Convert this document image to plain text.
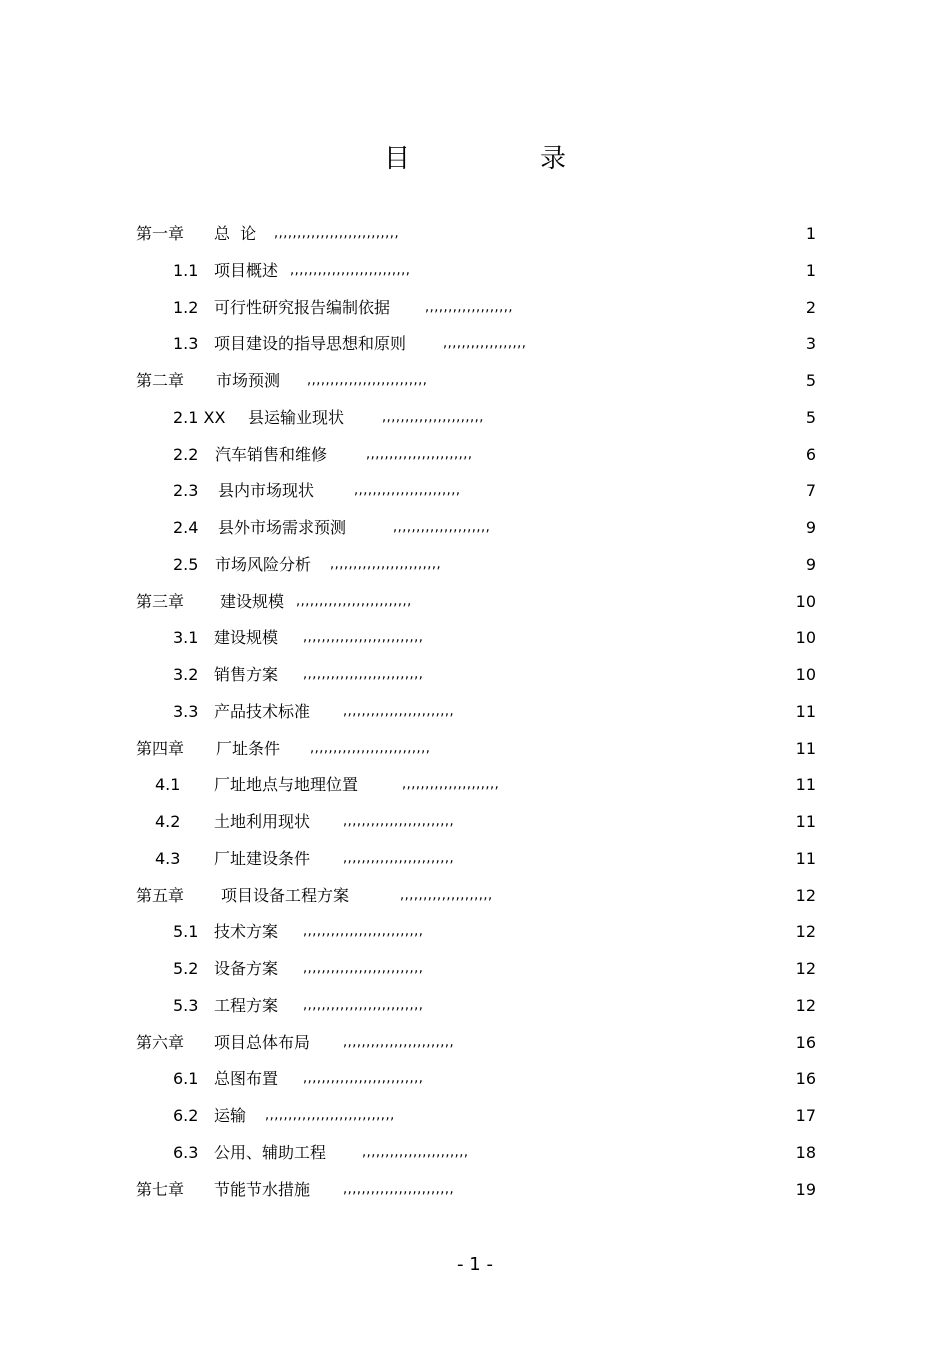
目　录
第一章 总  论 ,,,,,,,,,,,,,,,,,,,,,,,,,,,	1
1.1 项目概述 ,,,,,,,,,,,,,,,,,,,,,,,,,,	1
1.2 可行性研究报告编制依据	,,,,,,,,,,,,,,,,,,,	2
1.3 项目建设的指导思想和原则	,,,,,,,,,,,,,,,,,,	3
第二章 市场预测 ,,,,,,,,,,,,,,,,,,,,,,,,,,	5
2.1 XX 县运输业现状	,,,,,,,,,,,,,,,,,,,,,,	5
2.2 汽车销售和维修	,,,,,,,,,,,,,,,,,,,,,,,	6
2.3 县内市场现状	,,,,,,,,,,,,,,,,,,,,,,,	7
2.4 县外市场需求预测	,,,,,,,,,,,,,,,,,,,,,	9
2.5 市场风险分析 ,,,,,,,,,,,,,,,,,,,,,,,,	9
第三章 建设规模 ,,,,,,,,,,,,,,,,,,,,,,,,,	10
3.1 建设规模 ,,,,,,,,,,,,,,,,,,,,,,,,,,	10
3.2 销售方案 ,,,,,,,,,,,,,,,,,,,,,,,,,,	10
3.3 产品技术标准	,,,,,,,,,,,,,,,,,,,,,,,,	11
第四章 厂址条件 ,,,,,,,,,,,,,,,,,,,,,,,,,,	11
4.1 厂址地点与地理位置	,,,,,,,,,,,,,,,,,,,,,	11
4.2 土地利用现状	,,,,,,,,,,,,,,,,,,,,,,,,	11
4.3 厂址建设条件	,,,,,,,,,,,,,,,,,,,,,,,,	11
第五章 项目设备工程方案	,,,,,,,,,,,,,,,,,,,,	12
5.1 技术方案 ,,,,,,,,,,,,,,,,,,,,,,,,,,	12
5.2 设备方案 ,,,,,,,,,,,,,,,,,,,,,,,,,,	12
5.3 工程方案 ,,,,,,,,,,,,,,,,,,,,,,,,,,	12
第六章 项目总体布局	,,,,,,,,,,,,,,,,,,,,,,,,	16
6.1 总图布置 ,,,,,,,,,,,,,,,,,,,,,,,,,,	16
6.2 运输 ,,,,,,,,,,,,,,,,,,,,,,,,,,,,	17
6.3 公用、辅助工程	,,,,,,,,,,,,,,,,,,,,,,,	18
第七章 节能节水措施	,,,,,,,,,,,,,,,,,,,,,,,,	19
- 1 -
